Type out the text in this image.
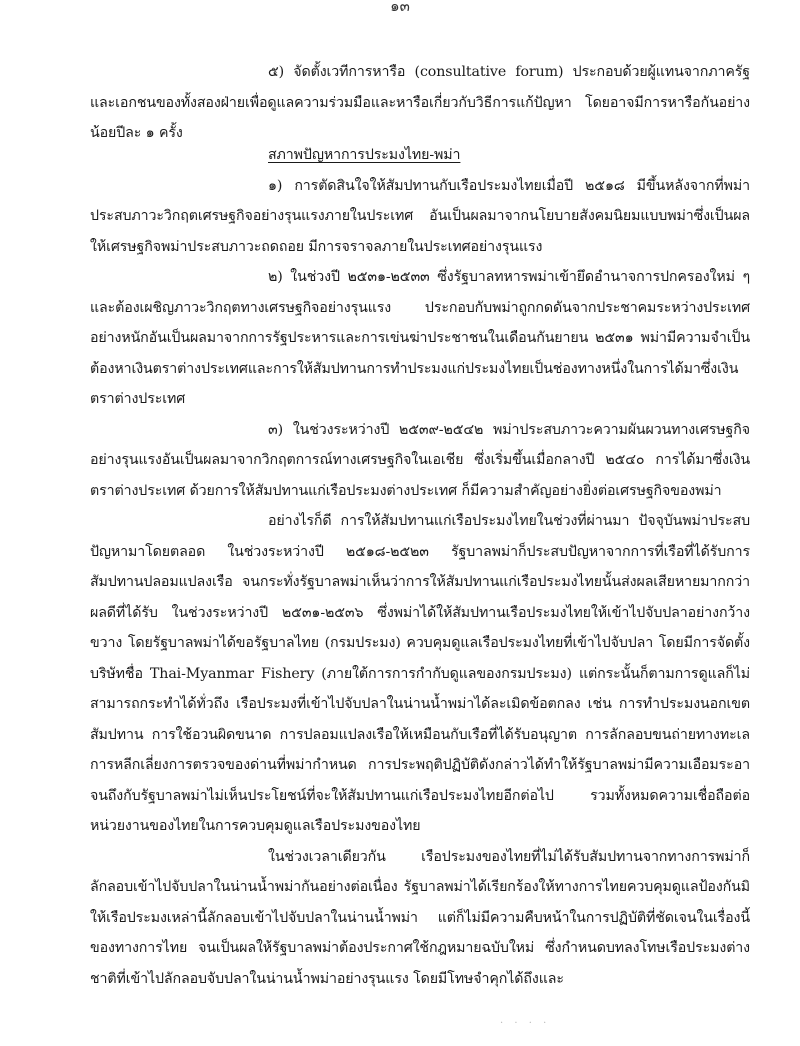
๑๓

๕) จัดตั้งเวทีการหารือ (consultative forum) ประกอบด้วยผู้แทนจากภาครัฐและเอกชนของทั้งสองฝ่ายเพื่อดูแลความร่วมมือและหารือเกี่ยวกับวิธีการแก้ปัญหา โดยอาจมีการหารือกันอย่างน้อยปีละ ๑ ครั้ง

สภาพปัญหาการประมงไทย-พม่า

๑) การตัดสินใจให้สัมปทานกับเรือประมงไทยเมื่อปี ๒๕๑๘ มีขึ้นหลังจากที่พม่าประสบภาวะวิกฤตเศรษฐกิจอย่างรุนแรงภายในประเทศ อันเป็นผลมาจากนโยบายสังคมนิยมแบบพม่าซึ่งเป็นผลให้เศรษฐกิจพม่าประสบภาวะถดถอย มีการจราจลภายในประเทศอย่างรุนแรง

๒) ในช่วงปี ๒๕๓๑-๒๕๓๓ ซึ่งรัฐบาลทหารพม่าเข้ายึดอำนาจการปกครองใหม่ ๆ และต้องเผชิญภาวะวิกฤตทางเศรษฐกิจอย่างรุนแรง ประกอบกับพม่าถูกกดดันจากประชาคมระหว่างประเทศอย่างหนักอันเป็นผลมาจากการรัฐประหารและการเข่นฆ่าประชาชนในเดือนกันยายน ๒๕๓๑ พม่ามีความจำเป็นต้องหาเงินตราต่างประเทศและการให้สัมปทานการทำประมงแก่ประมงไทยเป็นช่องทางหนึ่งในการได้มาซึ่งเงินตราต่างประเทศ

๓) ในช่วงระหว่างปี ๒๕๓๙-๒๕๔๒ พม่าประสบภาวะความผันผวนทางเศรษฐกิจอย่างรุนแรงอันเป็นผลมาจากวิกฤตการณ์ทางเศรษฐกิจในเอเชีย ซึ่งเริ่มขึ้นเมื่อกลางปี ๒๕๔๐ การได้มาซึ่งเงินตราต่างประเทศ ด้วยการให้สัมปทานแก่เรือประมงต่างประเทศ ก็มีความสำคัญอย่างยิ่งต่อเศรษฐกิจของพม่า

อย่างไรก็ดี การให้สัมปทานแก่เรือประมงไทยในช่วงที่ผ่านมา ปัจจุบันพม่าประสบปัญหามาโดยตลอด ในช่วงระหว่างปี ๒๕๑๘-๒๕๒๓ รัฐบาลพม่าก็ประสบปัญหาจากการที่เรือที่ได้รับการสัมปทานปลอมแปลงเรือ จนกระทั่งรัฐบาลพม่าเห็นว่าการให้สัมปทานแก่เรือประมงไทยนั้นส่งผลเสียหายมากกว่าผลดีที่ได้รับ ในช่วงระหว่างปี ๒๕๓๑-๒๕๓๖ ซึ่งพม่าได้ให้สัมปทานเรือประมงไทยให้เข้าไปจับปลาอย่างกว้างขวาง โดยรัฐบาลพม่าได้ขอรัฐบาลไทย (กรมประมง) ควบคุมดูแลเรือประมงไทยที่เข้าไปจับปลา โดยมีการจัดตั้งบริษัทชื่อ Thai-Myanmar Fishery (ภายใต้การการกำกับดูแลของกรมประมง) แต่กระนั้นก็ตามการดูแลก็ไม่สามารถกระทำได้ทั่วถึง เรือประมงที่เข้าไปจับปลาในน่านน้ำพม่าได้ละเมิดข้อตกลง เช่น การทำประมงนอกเขตสัมปทาน การใช้อวนผิดขนาด การปลอมแปลงเรือให้เหมือนกับเรือที่ได้รับอนุญาต การลักลอบขนถ่ายทางทะเล การหลีกเลี่ยงการตรวจของด่านที่พม่ากำหนด การประพฤติปฏิบัติดังกล่าวได้ทำให้รัฐบาลพม่ามีความเอือมระอา จนถึงกับรัฐบาลพม่าไม่เห็นประโยชน์ที่จะให้สัมปทานแก่เรือประมงไทยอีกต่อไป รวมทั้งหมดความเชื่อถือต่อหน่วยงานของไทยในการควบคุมดูแลเรือประมงของไทย

ในช่วงเวลาเดียวกัน เรือประมงของไทยที่ไม่ได้รับสัมปทานจากทางการพม่าก็ลักลอบเข้าไปจับปลาในน่านน้ำพม่ากันอย่างต่อเนื่อง รัฐบาลพม่าได้เรียกร้องให้ทางการไทยควบคุมดูแลป้องกันมิให้เรือประมงเหล่านี้ลักลอบเข้าไปจับปลาในน่านน้ำพม่า แต่ก็ไม่มีความคืบหน้าในการปฏิบัติที่ชัดเจนในเรื่องนี้ของทางการไทย จนเป็นผลให้รัฐบาลพม่าต้องประกาศใช้กฎหมายฉบับใหม่ ซึ่งกำหนดบทลงโทษเรือประมงต่างชาติที่เข้าไปลักลอบจับปลาในน่านน้ำพม่าอย่างรุนแรง โดยมีโทษจำคุกได้ถึงและ

· · · ·
